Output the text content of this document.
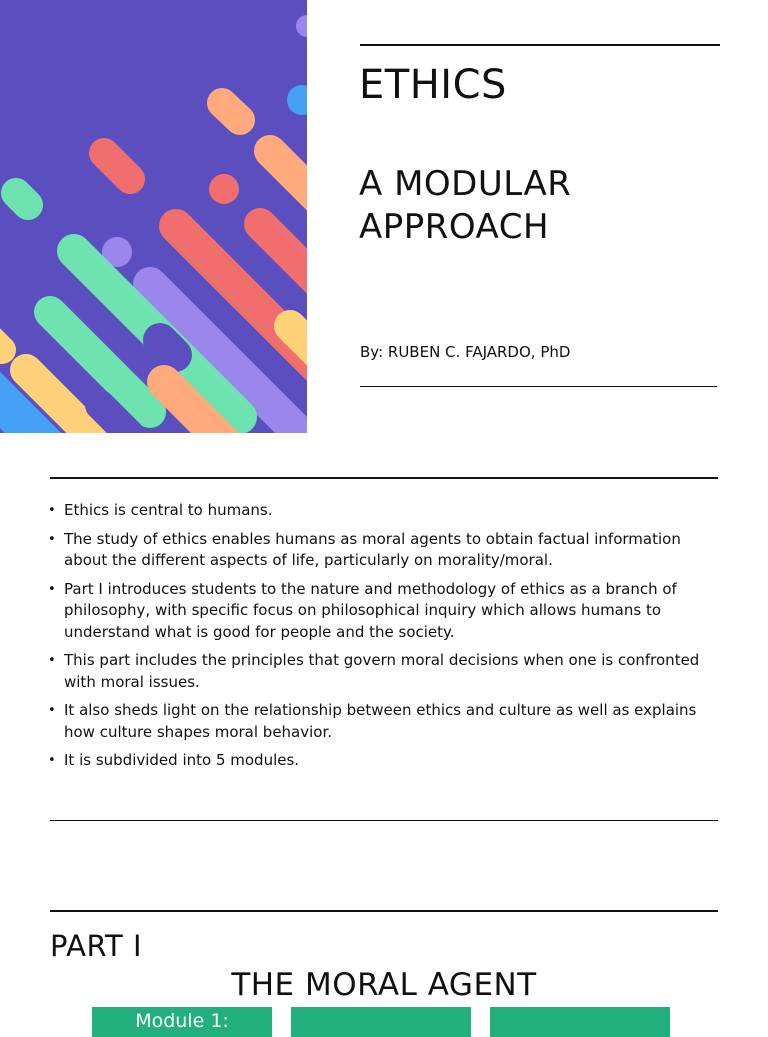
ETHICS
A MODULAR APPROACH
By: RUBEN C. FAJARDO, PhD
• Ethics is central to humans.
• The study of ethics enables humans as moral agents to obtain factual information about the different aspects of life, particularly on morality/moral.
• Part I introduces students to the nature and methodology of ethics as a branch of philosophy, with specific focus on philosophical inquiry which allows humans to understand what is good for people and the society.
• This part includes the principles that govern moral decisions when one is confronted with moral issues.
• It also sheds light on the relationship between ethics and culture as well as explains how culture shapes moral behavior.
• It is subdivided into 5 modules.
PART I
THE MORAL AGENT
Module 1:
